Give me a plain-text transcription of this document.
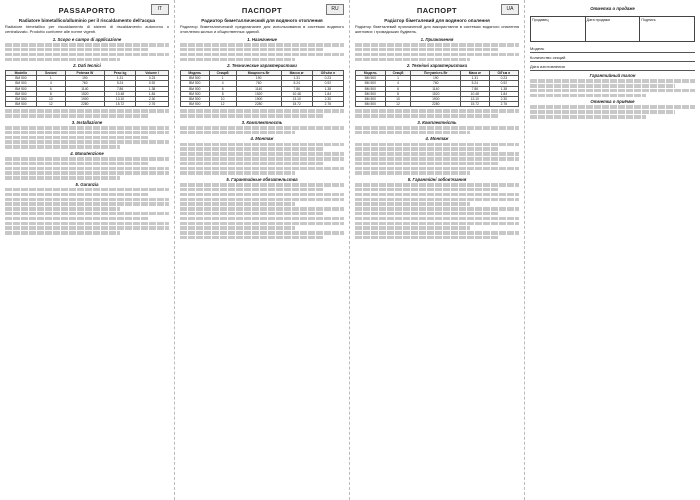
PASSAPORTO	IT
Radiatore bimetallico/alluminio per il riscaldamento dell'acqua
Radiatore bimetallico per riscaldamento di sistemi di riscaldamento autonomo o centralizzato. Prodotto conforme alle norme vigenti.
1. Scopo e campo di applicazione
2. Dati tecnici
Modello	Sezioni	Potenza W	Peso kg	Volume l
BM 500	1	190	1.31	0.23
BM 500	4	760	5.24	0.92
BM 500	6	1140	7.86	1.38
BM 500	8	1520	10.48	1.84
BM 500	10	1900	13.10	2.30
BM 500	12	2280	15.72	2.76
3. Installazione
4. Manutenzione
5. Garanzia
ПАСПОРТ	RU
Радиатор биметаллический для водяного отопления
Радиатор биметаллический предназначен для использования в системах водяного отопления жилых и общественных зданий.
1. Назначение
2. Технические характеристики
Модель	Секций	Мощность Вт	Масса кг	Объём л
BM 500	1	190	1.31	0.23
BM 500	4	760	5.24	0.92
BM 500	6	1140	7.86	1.38
BM 500	8	1520	10.48	1.84
BM 500	10	1900	13.10	2.30
BM 500	12	2280	15.72	2.76
3. Комплектность
4. Монтаж
5. Гарантийные обязательства
ПАСПОРТ	UA
Радіатор біметалевий для водяного опалення
Радіатор біметалевий призначений для використання в системах водяного опалення житлових і громадських будівель.
1. Призначення
2. Технічні характеристики
Модель	Секцій	Потужність Вт	Маса кг	Об'єм л
BM 500	1	190	1.31	0.23
BM 500	4	760	5.24	0.92
BM 500	6	1140	7.86	1.38
BM 500	8	1520	10.48	1.84
BM 500	10	1900	13.10	2.30
BM 500	12	2280	15.72	2.76
3. Комплектність
4. Монтаж
5. Гарантійні зобов'язання
Отметка о продаже
Продавец	Дата продажи	Подпись
Модель
Количество секций
Дата изготовления
Гарантийный талон
Отметка о приёмке
